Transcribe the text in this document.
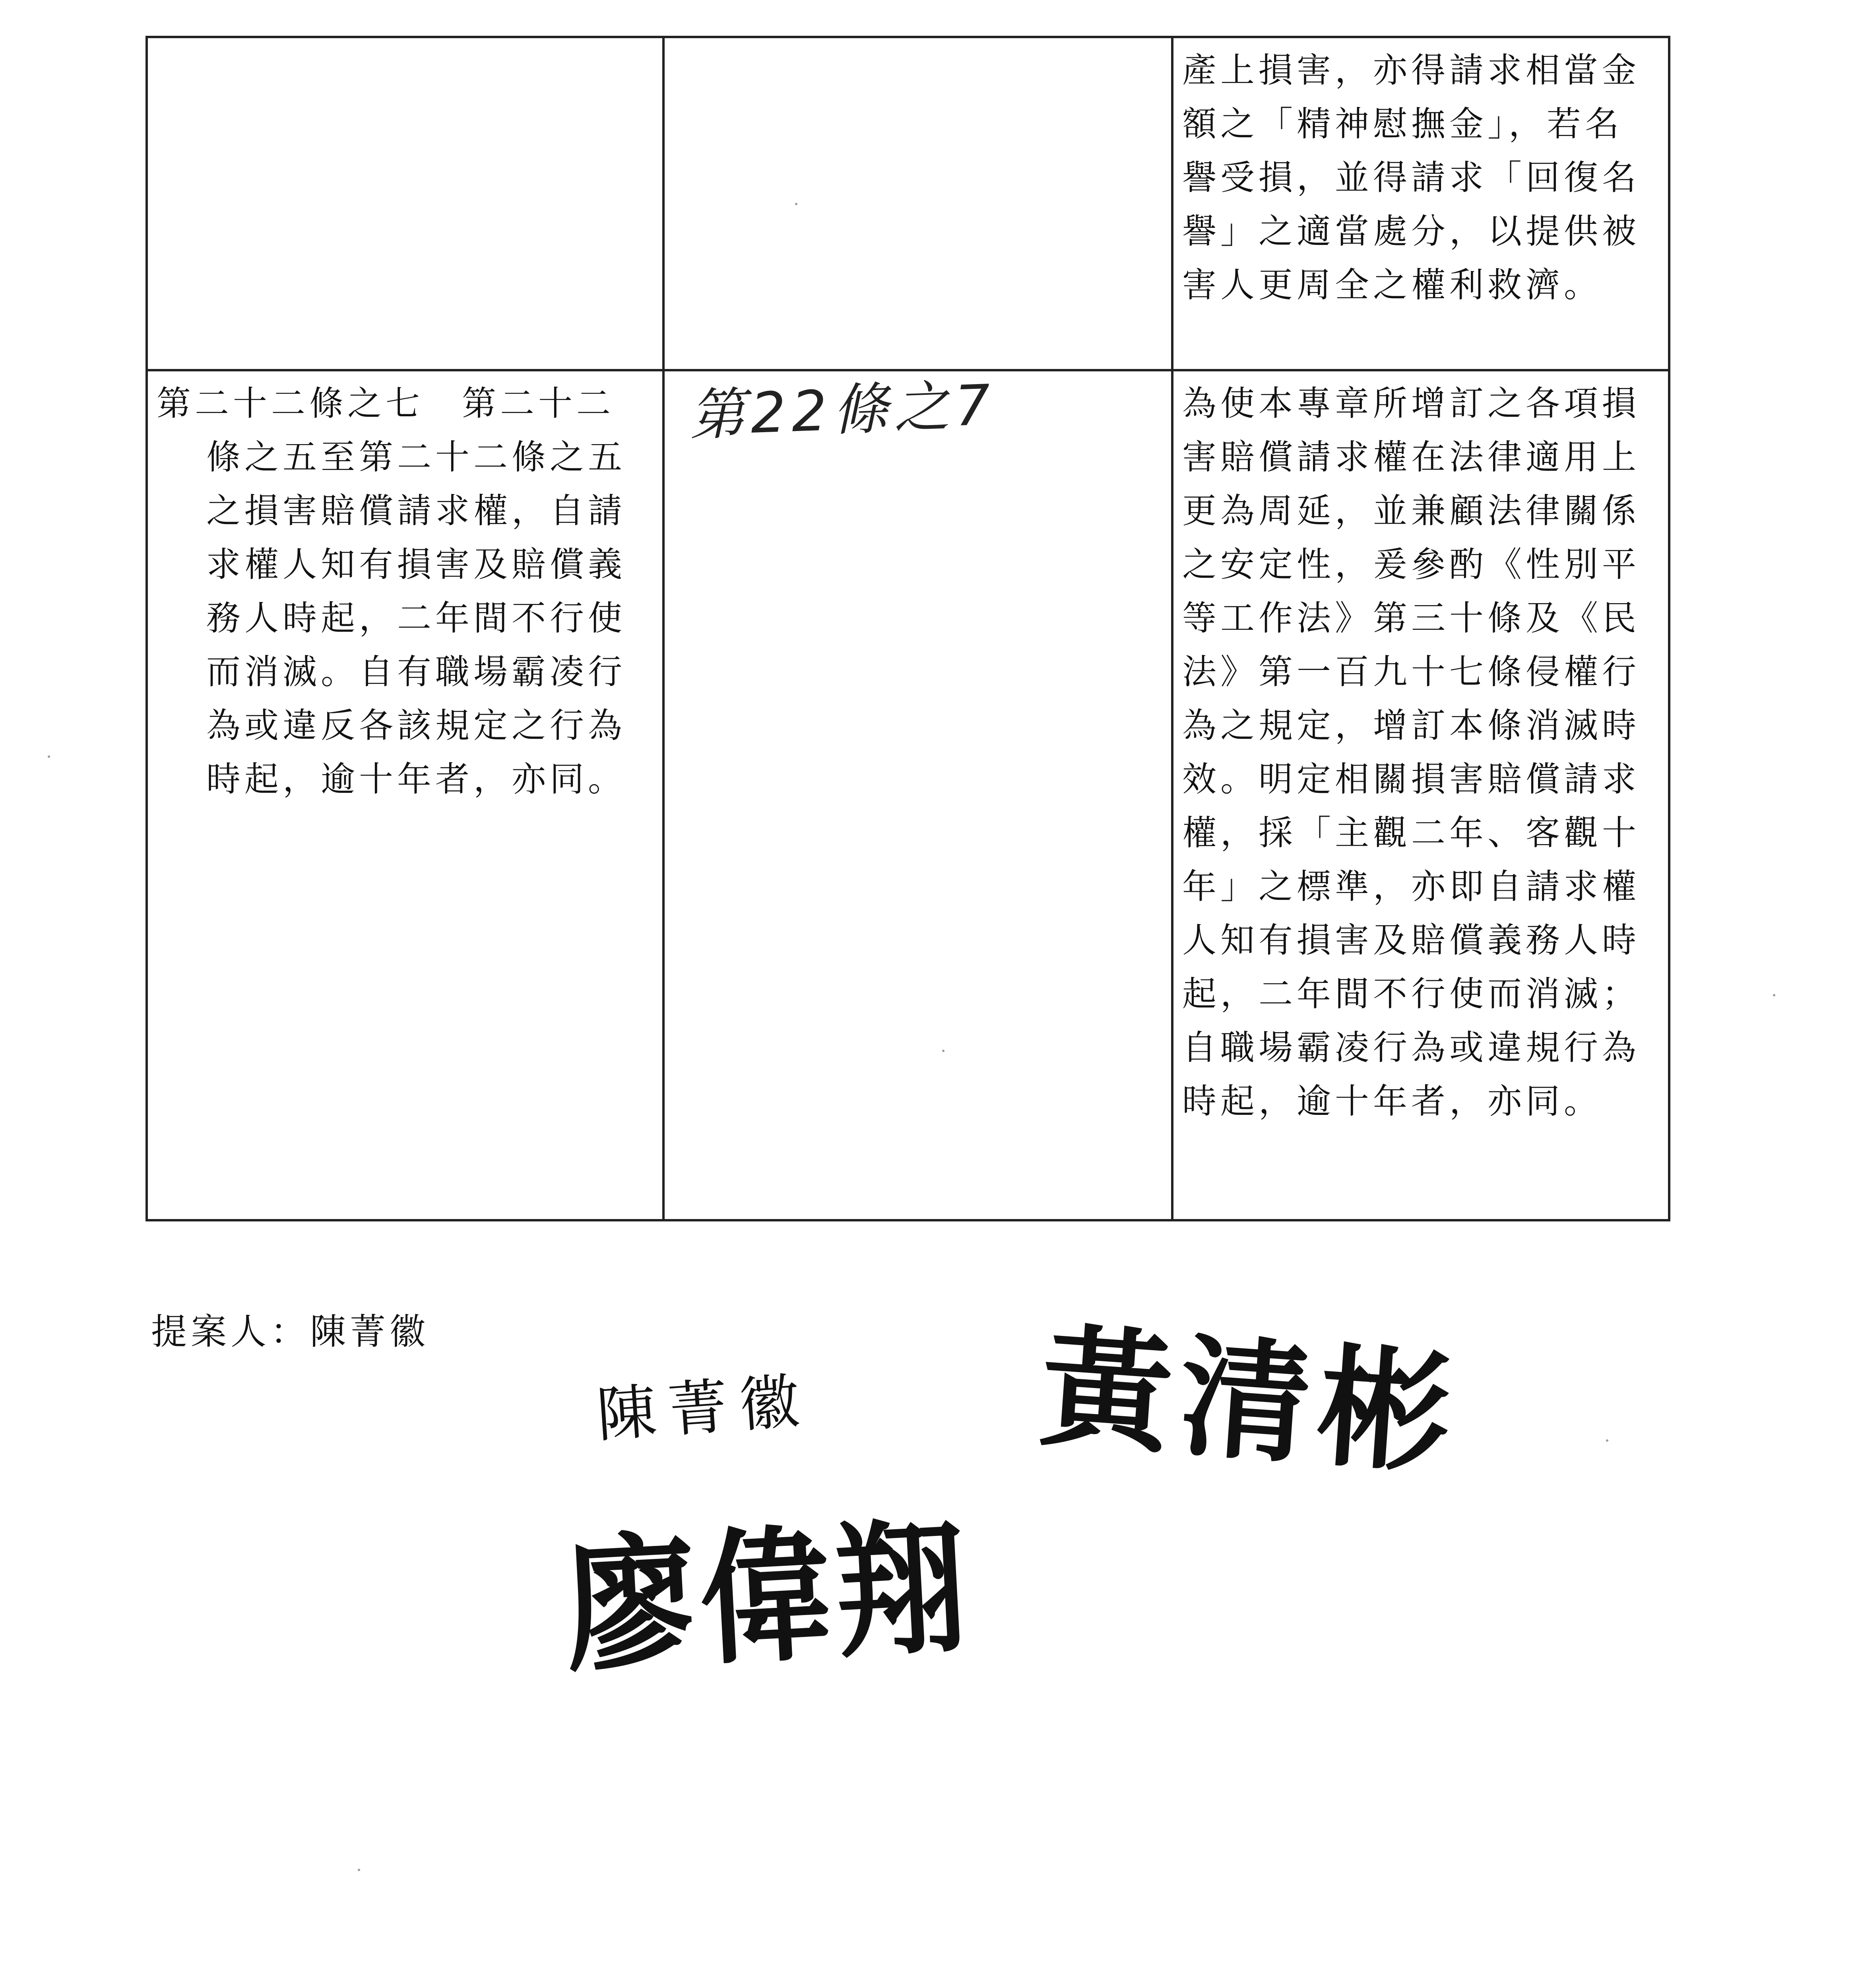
		產上損害，亦得請求相當金額之「精神慰撫金」，若名譽受損，並得請求「回復名譽」之適當處分，以提供被害人更周全之權利救濟。

第二十二條之七　 第二十二
條之五至第二十二條之五之損害賠償請求權，自請求權人知有損害及賠償義務人時起，二年間不行使而消滅。自有職場霸凌行為或違反各該規定之行為時起，逾十年者，亦同。	第22條之7	為使本專章所增訂之各項損害賠償請求權在法律適用上更為周延，並兼顧法律關係之安定性，爰參酌《性別平等工作法》第三十條及《民法》第一百九十七條侵權行為之規定，增訂本條消滅時效。明定相關損害賠償請求權，採「主觀二年、客觀十年」之標準，亦即自請求權人知有損害及賠償義務人時起，二年間不行使而消滅；自職場霸凌行為或違規行為時起，逾十年者，亦同。
提案人：陳菁徽
陳菁徽
廖偉翔
黃清彬
